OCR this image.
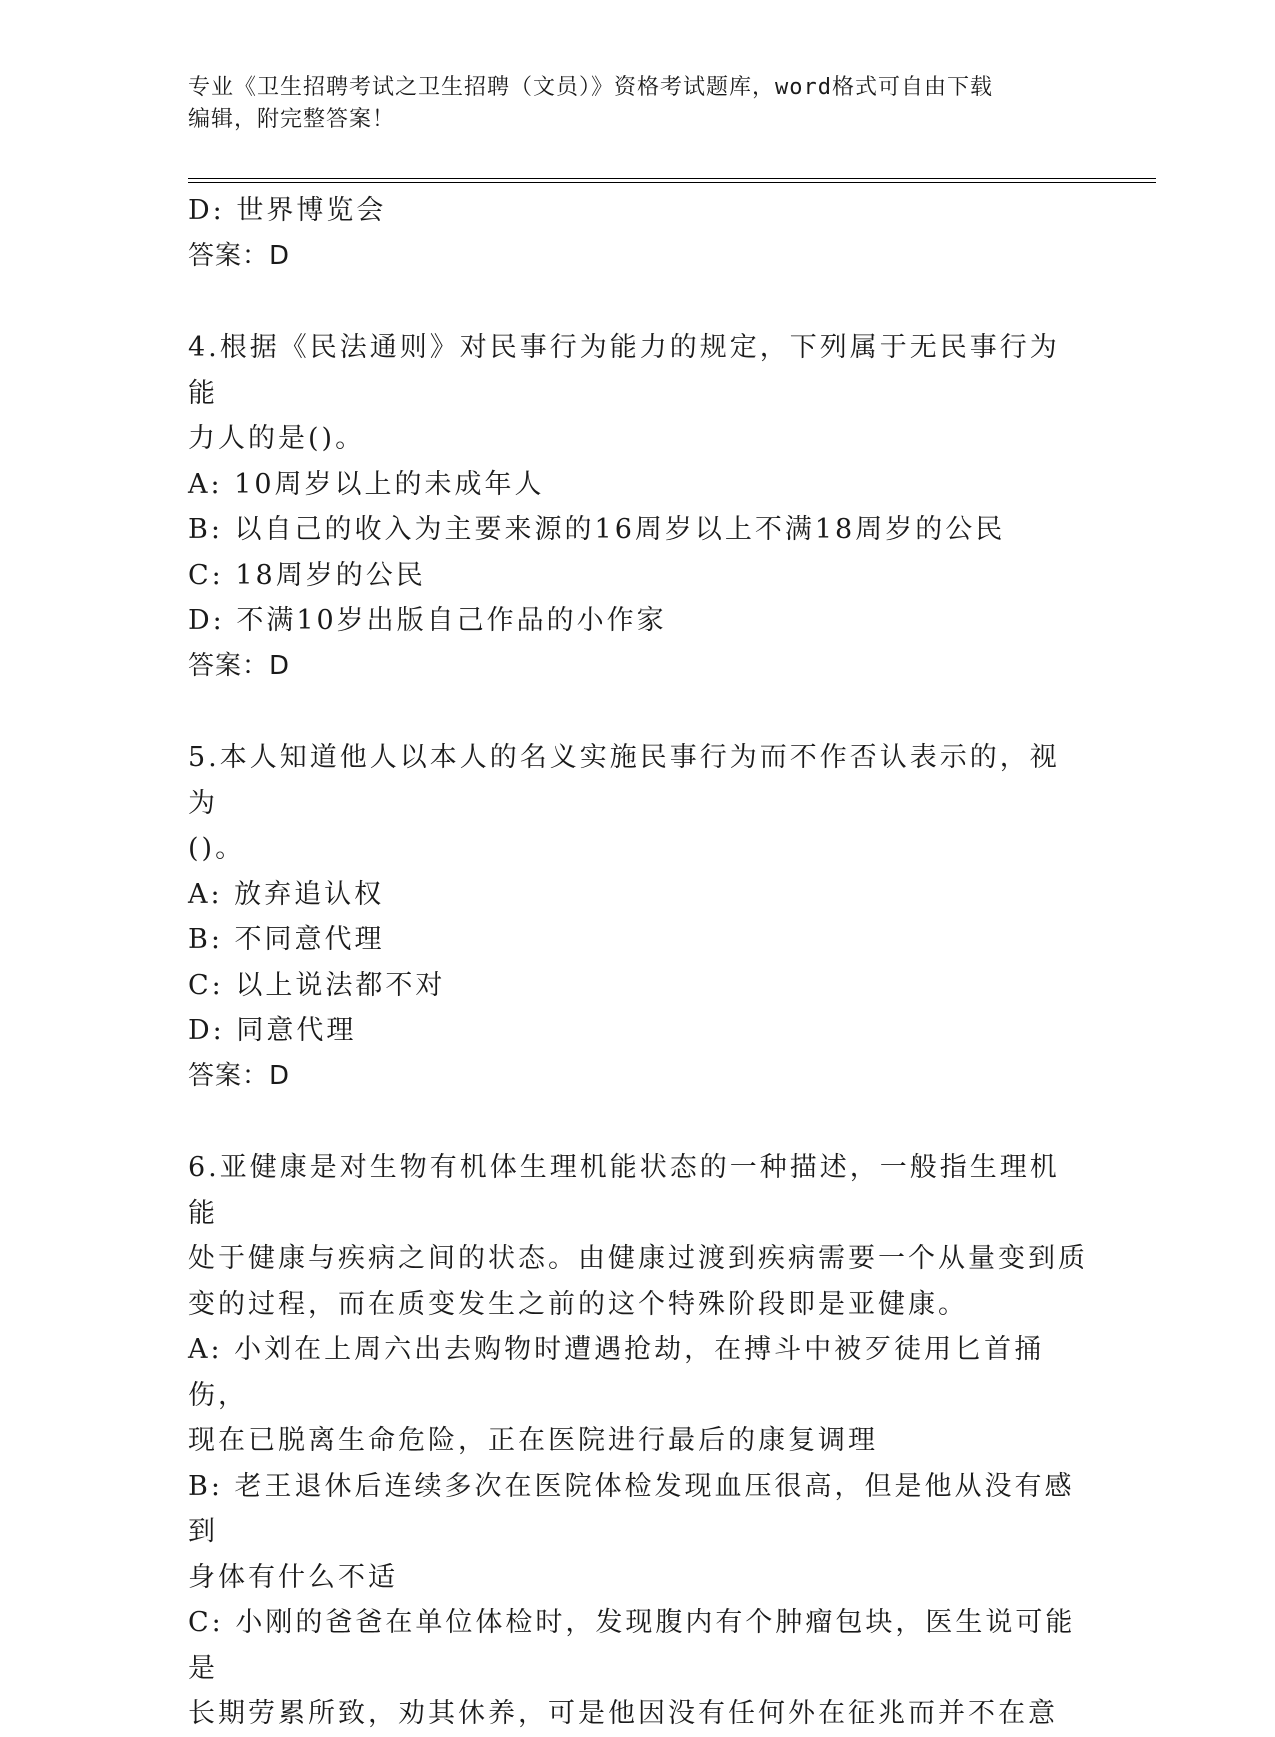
专业《卫生招聘考试之卫生招聘（文员）》资格考试题库，word格式可自由下载
编辑，附完整答案！

D: 世界博览会

答案：D

4.根据《民法通则》对民事行为能力的规定，下列属于无民事行为能

力人的是()。

A: 10周岁以上的未成年人

B: 以自己的收入为主要来源的16周岁以上不满18周岁的公民

C: 18周岁的公民

D: 不满10岁出版自己作品的小作家

答案：D

5.本人知道他人以本人的名义实施民事行为而不作否认表示的，视为

()。

A: 放弃追认权

B: 不同意代理

C: 以上说法都不对

D: 同意代理

答案：D

6.亚健康是对生物有机体生理机能状态的一种描述，一般指生理机能

处于健康与疾病之间的状态。由健康过渡到疾病需要一个从量变到质

变的过程，而在质变发生之前的这个特殊阶段即是亚健康。

A: 小刘在上周六出去购物时遭遇抢劫，在搏斗中被歹徒用匕首捅伤，

现在已脱离生命危险，正在医院进行最后的康复调理

B: 老王退休后连续多次在医院体检发现血压很高，但是他从没有感到

身体有什么不适

C: 小刚的爸爸在单位体检时，发现腹内有个肿瘤包块，医生说可能是

长期劳累所致，劝其休养，可是他因没有任何外在征兆而并不在意
